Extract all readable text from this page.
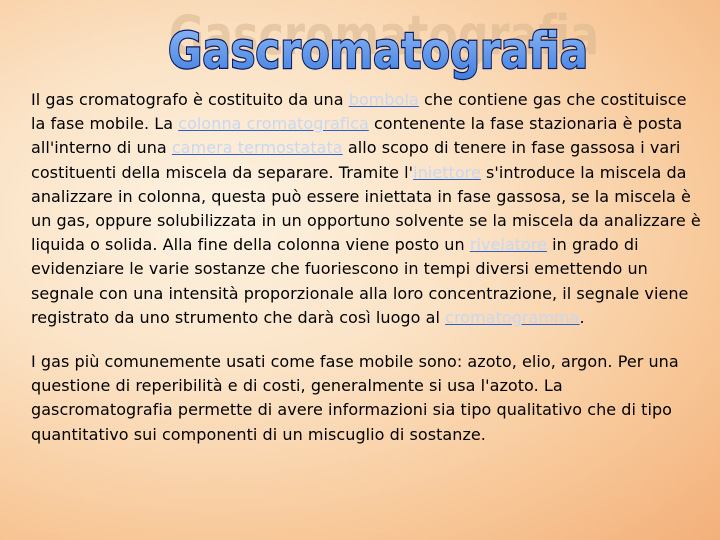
Gascromatografia
Gascromatografia

Il gas cromatografo è costituito da una bombola che contiene gas che costituisce la fase mobile. La colonna cromatografica contenente la fase stazionaria è posta all'interno di una camera termostatata allo scopo di tenere in fase gassosa i vari costituenti della miscela da separare. Tramite l'iniettore s'introduce la miscela da analizzare in colonna, questa può essere iniettata in fase gassosa, se la miscela è un gas, oppure solubilizzata in un opportuno solvente se la miscela da analizzare è liquida o solida. Alla fine della colonna viene posto un rivelatore in grado di evidenziare le varie sostanze che fuoriescono in tempi diversi emettendo un segnale con una intensità proporzionale alla loro concentrazione, il segnale viene registrato da uno strumento che darà così luogo al cromatogramma.

I gas più comunemente usati come fase mobile sono: azoto, elio, argon. Per una questione di reperibilità e di costi, generalmente si usa l'azoto. La gascromatografia permette di avere informazioni sia tipo qualitativo che di tipo quantitativo sui componenti di un miscuglio di sostanze.
